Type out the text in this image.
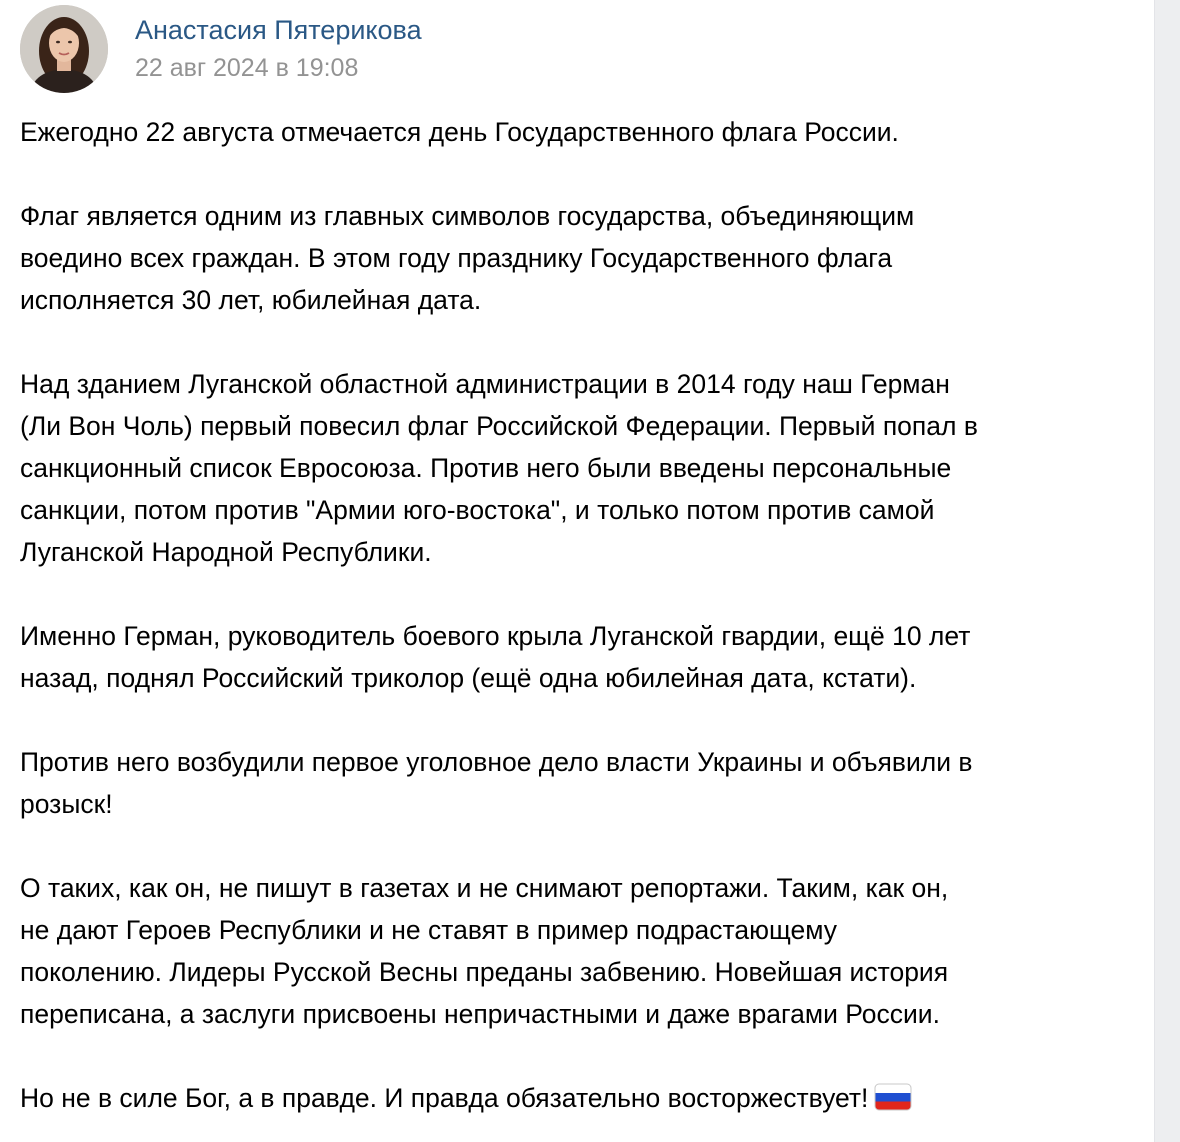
Анастасия Пятерикова
22 авг 2024 в 19:08

Ежегодно 22 августа отмечается день Государственного флага России.

Флаг является одним из главных символов государства, объединяющим
воедино всех граждан. В этом году празднику Государственного флага
исполняется 30 лет, юбилейная дата.

Над зданием Луганской областной администрации в 2014 году наш Герман
(Ли Вон Чоль) первый повесил флаг Российской Федерации. Первый попал в
санкционный список Евросоюза. Против него были введены персональные
санкции, потом против "Армии юго-востока", и только потом против самой
Луганской Народной Республики.

Именно Герман, руководитель боевого крыла Луганской гвардии, ещё 10 лет
назад, поднял Российский триколор (ещё одна юбилейная дата, кстати).

Против него возбудили первое уголовное дело власти Украины и объявили в
розыск!

О таких, как он, не пишут в газетах и не снимают репортажи. Таким, как он,
не дают Героев Республики и не ставят в пример подрастающему
поколению. Лидеры Русской Весны преданы забвению. Новейшая история
переписана, а заслуги присвоены непричастными и даже врагами России.

Но не в силе Бог, а в правде. И правда обязательно восторжествует!
